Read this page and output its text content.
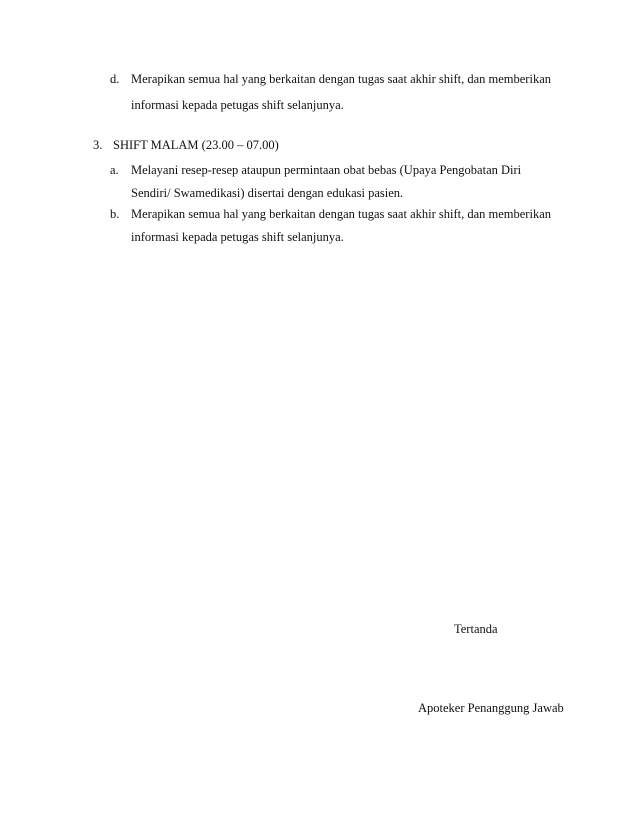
d. Merapikan semua hal yang berkaitan dengan tugas saat akhir shift, dan memberikan
informasi kepada petugas shift selanjunya.
3. SHIFT MALAM (23.00 – 07.00)
a. Melayani resep-resep ataupun permintaan obat bebas (Upaya Pengobatan Diri
Sendiri/ Swamedikasi) disertai dengan edukasi pasien.
b. Merapikan semua hal yang berkaitan dengan tugas saat akhir shift, dan memberikan
informasi kepada petugas shift selanjunya.
Tertanda
Apoteker Penanggung Jawab
